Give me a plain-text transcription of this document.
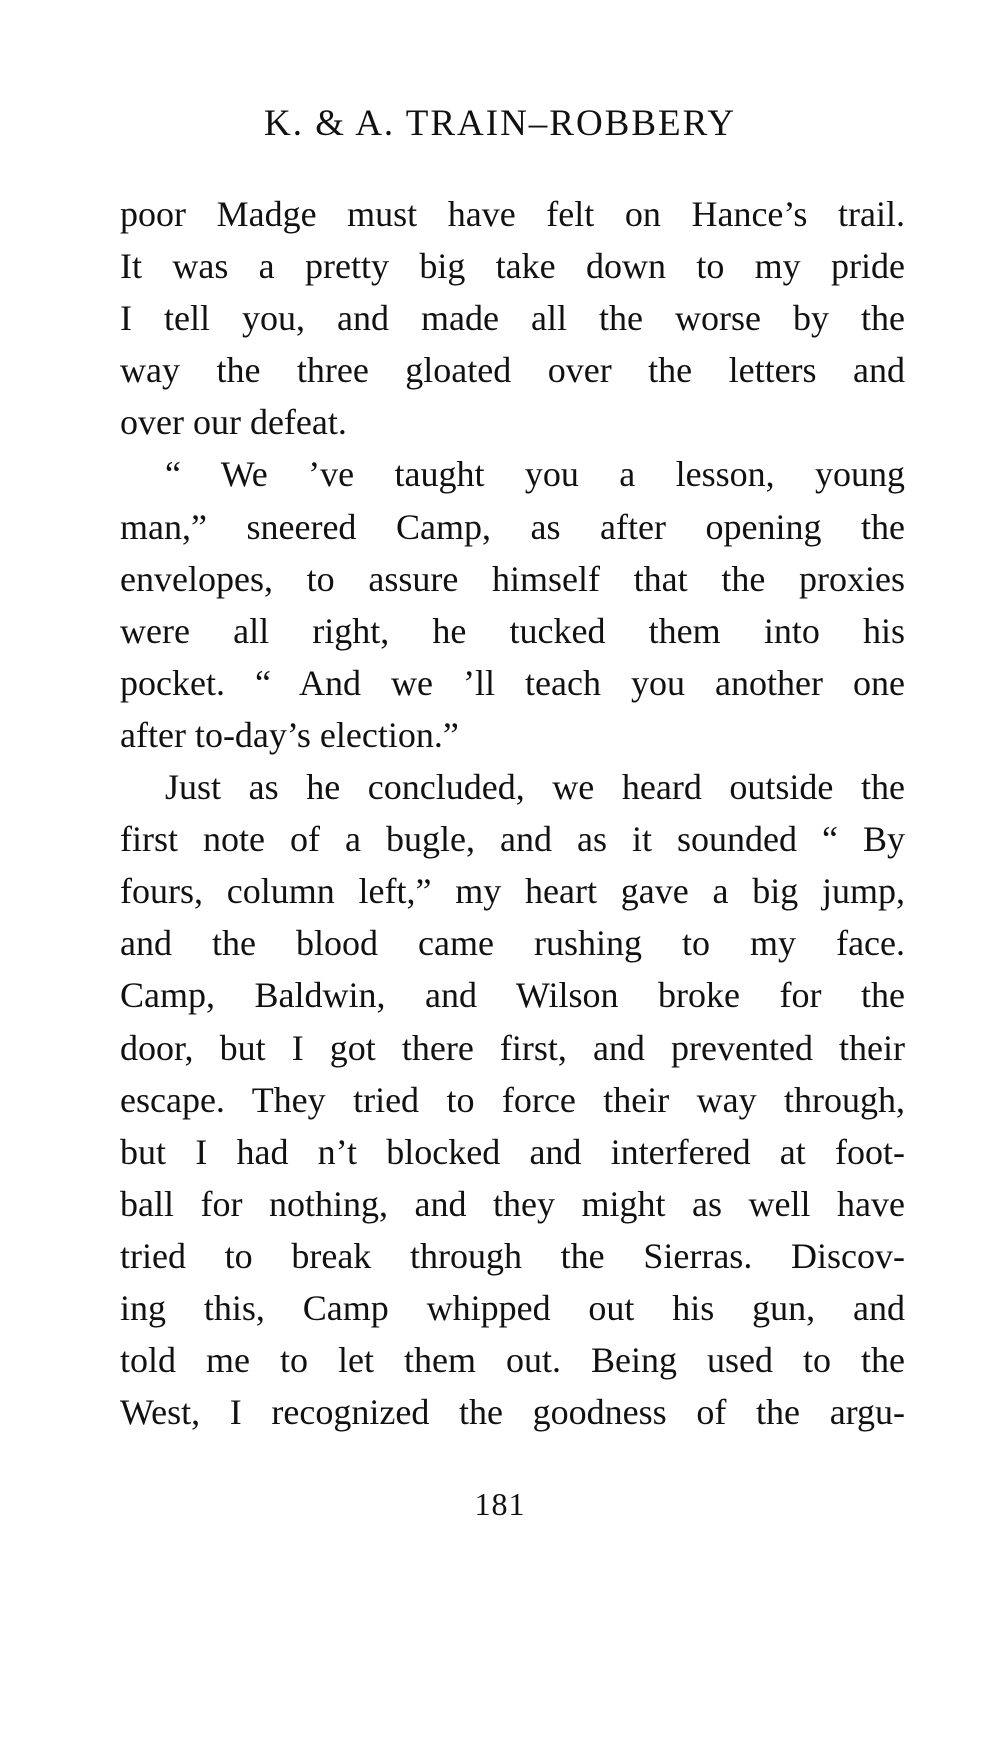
K. & A. TRAIN–ROBBERY
poor Madge must have felt on Hance’s trail.
It was a pretty big take down to my pride
I tell you, and made all the worse by the
way the three gloated over the letters and
over our defeat.
“ We ’ve taught you a lesson, young
man,” sneered Camp, as after opening the
envelopes, to assure himself that the proxies
were all right, he tucked them into his
pocket. “ And we ’ll teach you another one
after to-day’s election.”
Just as he concluded, we heard outside the
first note of a bugle, and as it sounded “ By
fours, column left,” my heart gave a big jump,
and the blood came rushing to my face.
Camp, Baldwin, and Wilson broke for the
door, but I got there first, and prevented their
escape. They tried to force their way through,
but I had n’t blocked and interfered at foot-
ball for nothing, and they might as well have
tried to break through the Sierras. Discov-
ing this, Camp whipped out his gun, and
told me to let them out. Being used to the
West, I recognized the goodness of the argu-
181
